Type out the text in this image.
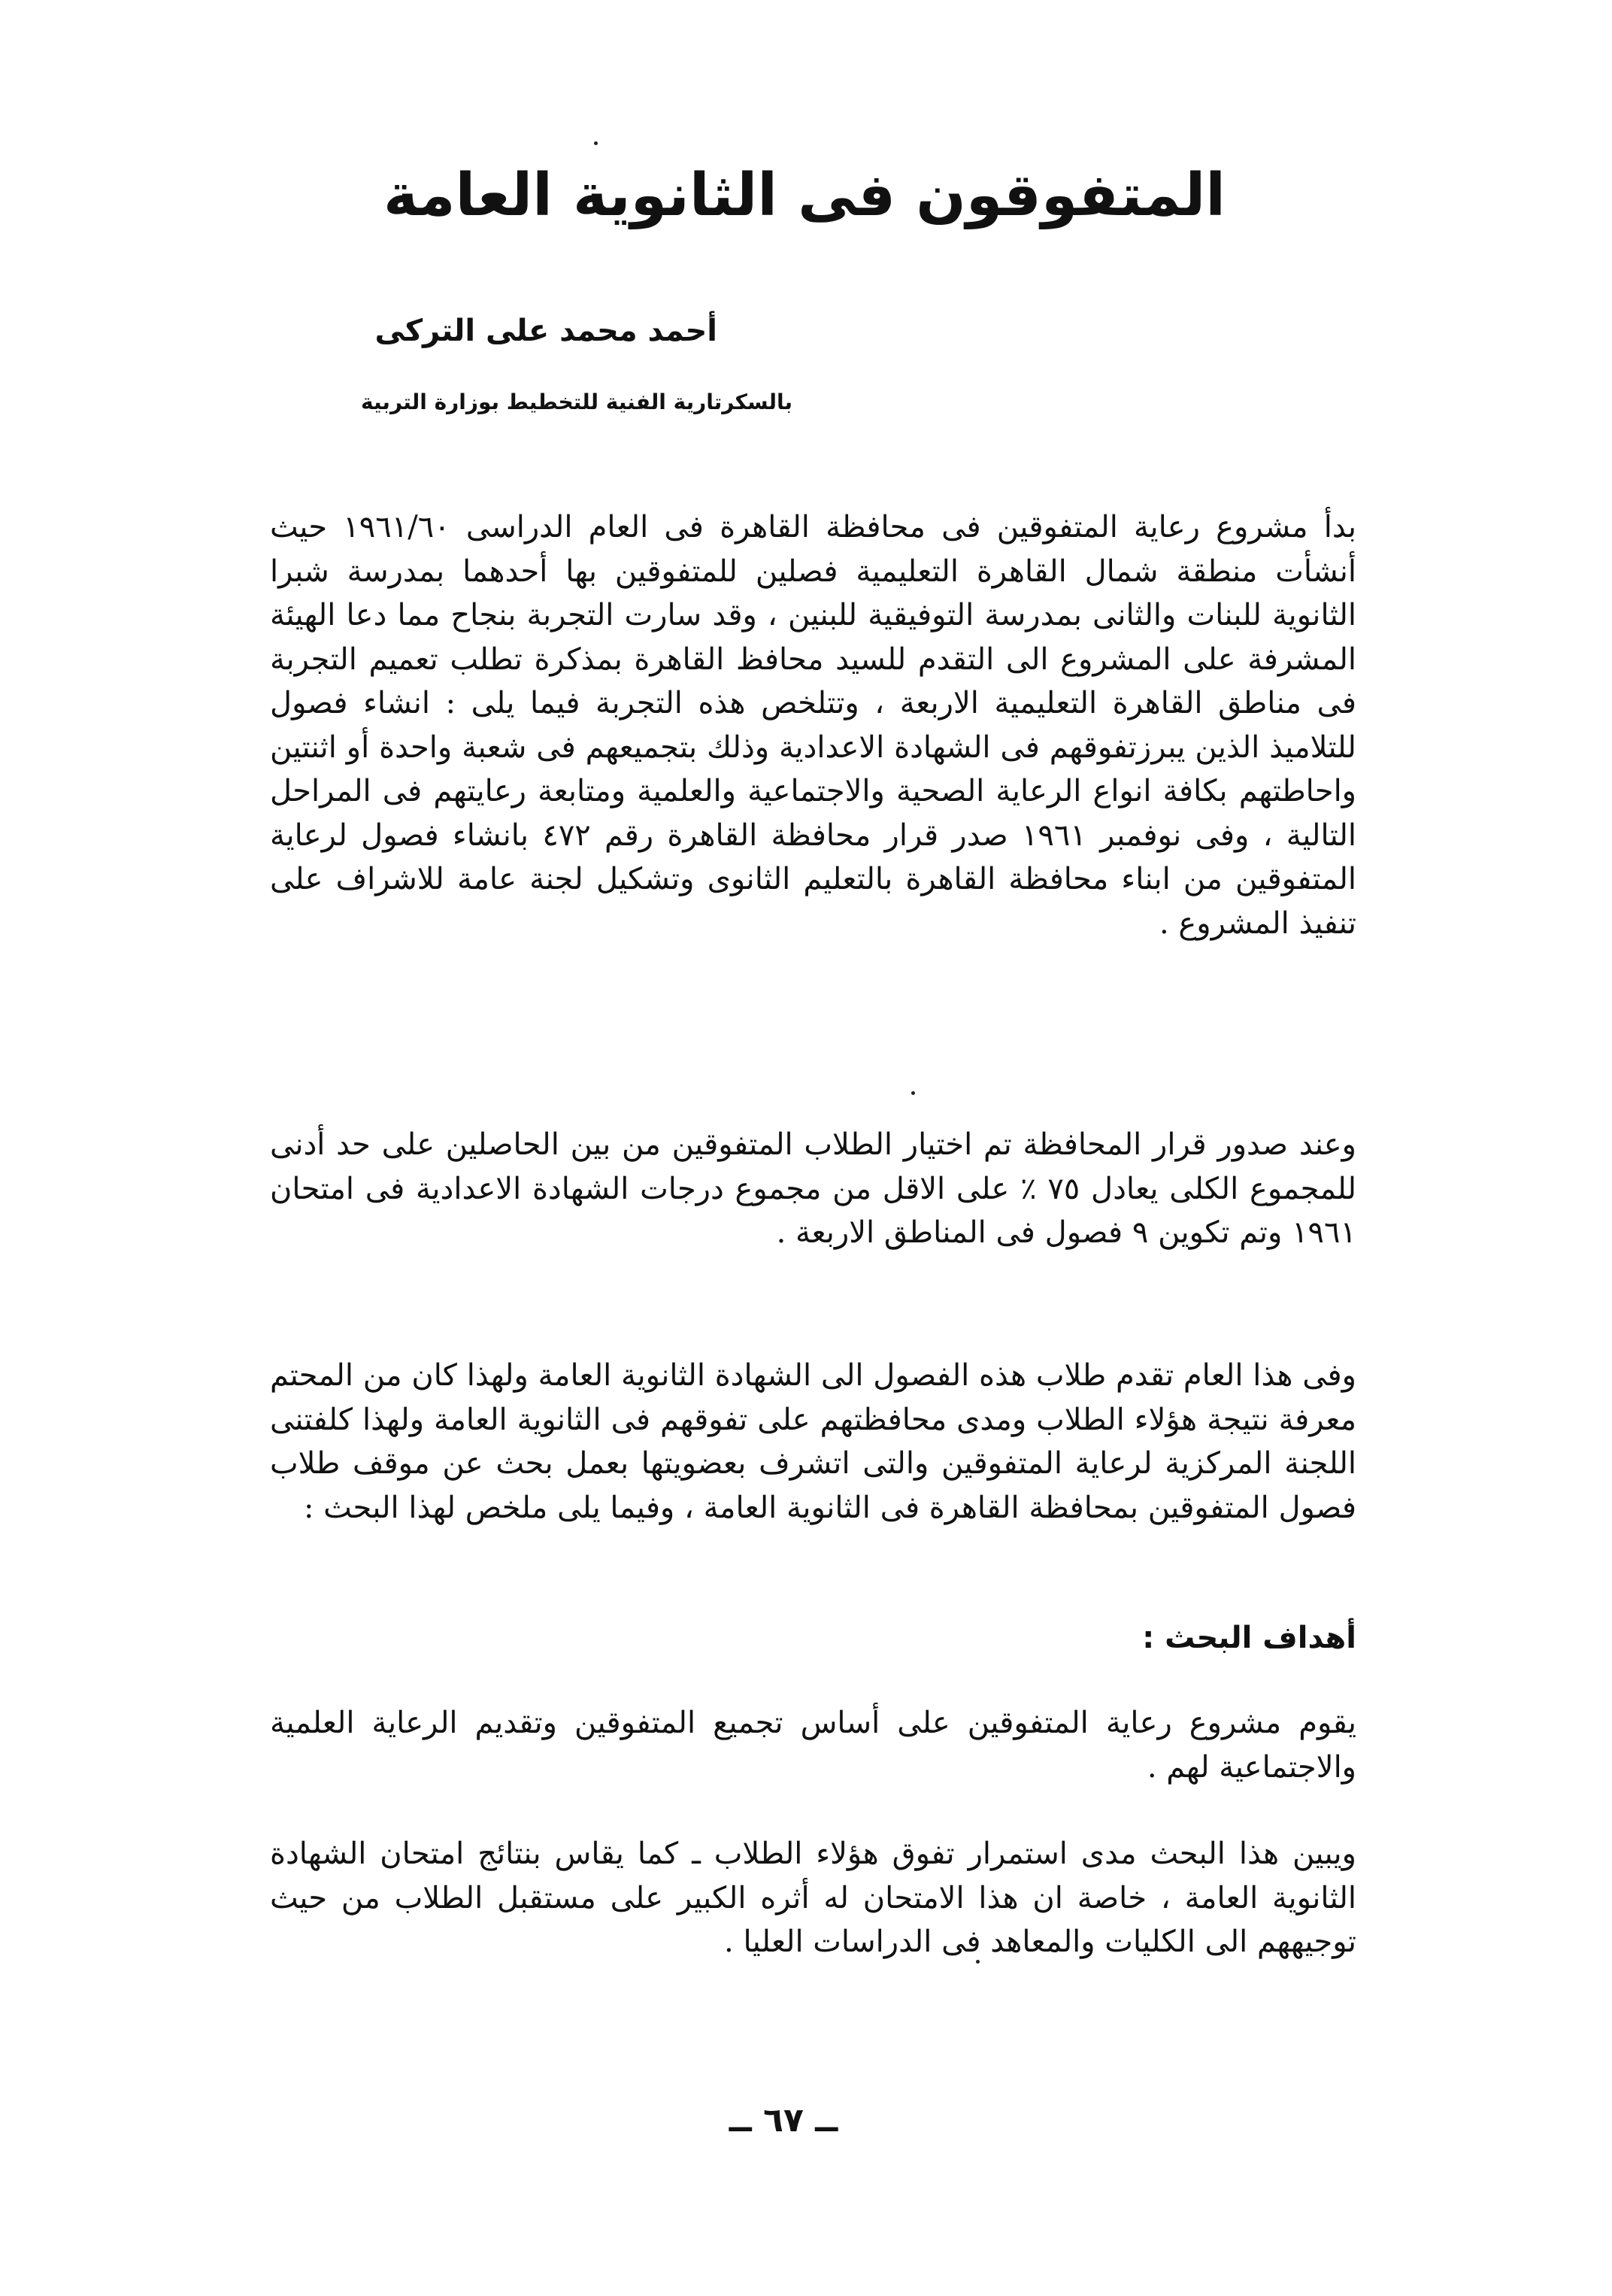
المتفوقون فى الثانوية العامة
أحمد محمد على التركى
بالسكرتارية الفنية للتخطيط بوزارة التربية

بدأ مشروع رعاية المتفوقين فى محافظة القاهرة فى العام الدراسى ١٩٦١/٦٠ حيث أنشأت منطقة شمال القاهرة التعليمية فصلين للمتفوقين بها أحدهما بمدرسة شبرا الثانوية للبنات والثانى بمدرسة التوفيقية للبنين ، وقد سارت التجربة بنجاح مما دعا الهيئة المشرفة على المشروع الى التقدم للسيد محافظ القاهرة بمذكرة تطلب تعميم التجربة فى مناطق القاهرة التعليمية الاربعة ، وتتلخص هذه التجربة فيما يلى : انشاء فصول للتلاميذ الذين يبرزتفوقهم فى الشهادة الاعدادية وذلك بتجميعهم فى شعبة واحدة أو اثنتين واحاطتهم بكافة انواع الرعاية الصحية والاجتماعية والعلمية ومتابعة رعايتهم فى المراحل التالية ، وفى نوفمبر ١٩٦١ صدر قرار محافظة القاهرة رقم ٤٧٢ بانشاء فصول لرعاية المتفوقين من ابناء محافظة القاهرة بالتعليم الثانوى وتشكيل لجنة عامة للاشراف على تنفيذ المشروع .

وعند صدور قرار المحافظة تم اختيار الطلاب المتفوقين من بين الحاصلين على حد أدنى للمجموع الكلى يعادل ٧٥ ٪ على الاقل من مجموع درجات الشهادة الاعدادية فى امتحان ١٩٦١ وتم تكوين ٩ فصول فى المناطق الاربعة .

وفى هذا العام تقدم طلاب هذه الفصول الى الشهادة الثانوية العامة ولهذا كان من المحتم معرفة نتيجة هؤلاء الطلاب ومدى محافظتهم على تفوقهم فى الثانوية العامة ولهذا كلفتنى اللجنة المركزية لرعاية المتفوقين والتى اتشرف بعضويتها بعمل بحث عن موقف طلاب فصول المتفوقين بمحافظة القاهرة فى الثانوية العامة ، وفيما يلى ملخص لهذا البحث :

أهداف البحث :

يقوم مشروع رعاية المتفوقين على أساس تجميع المتفوقين وتقديم الرعاية العلمية والاجتماعية لهم .

ويبين هذا البحث مدى استمرار تفوق هؤلاء الطلاب ـ كما يقاس بنتائج امتحان الشهادة الثانوية العامة ، خاصة ان هذا الامتحان له أثره الكبير على مستقبل الطلاب من حيث توجيههم الى الكليات والمعاهد فى الدراسات العليا .

ــ ٦٧ ــ
